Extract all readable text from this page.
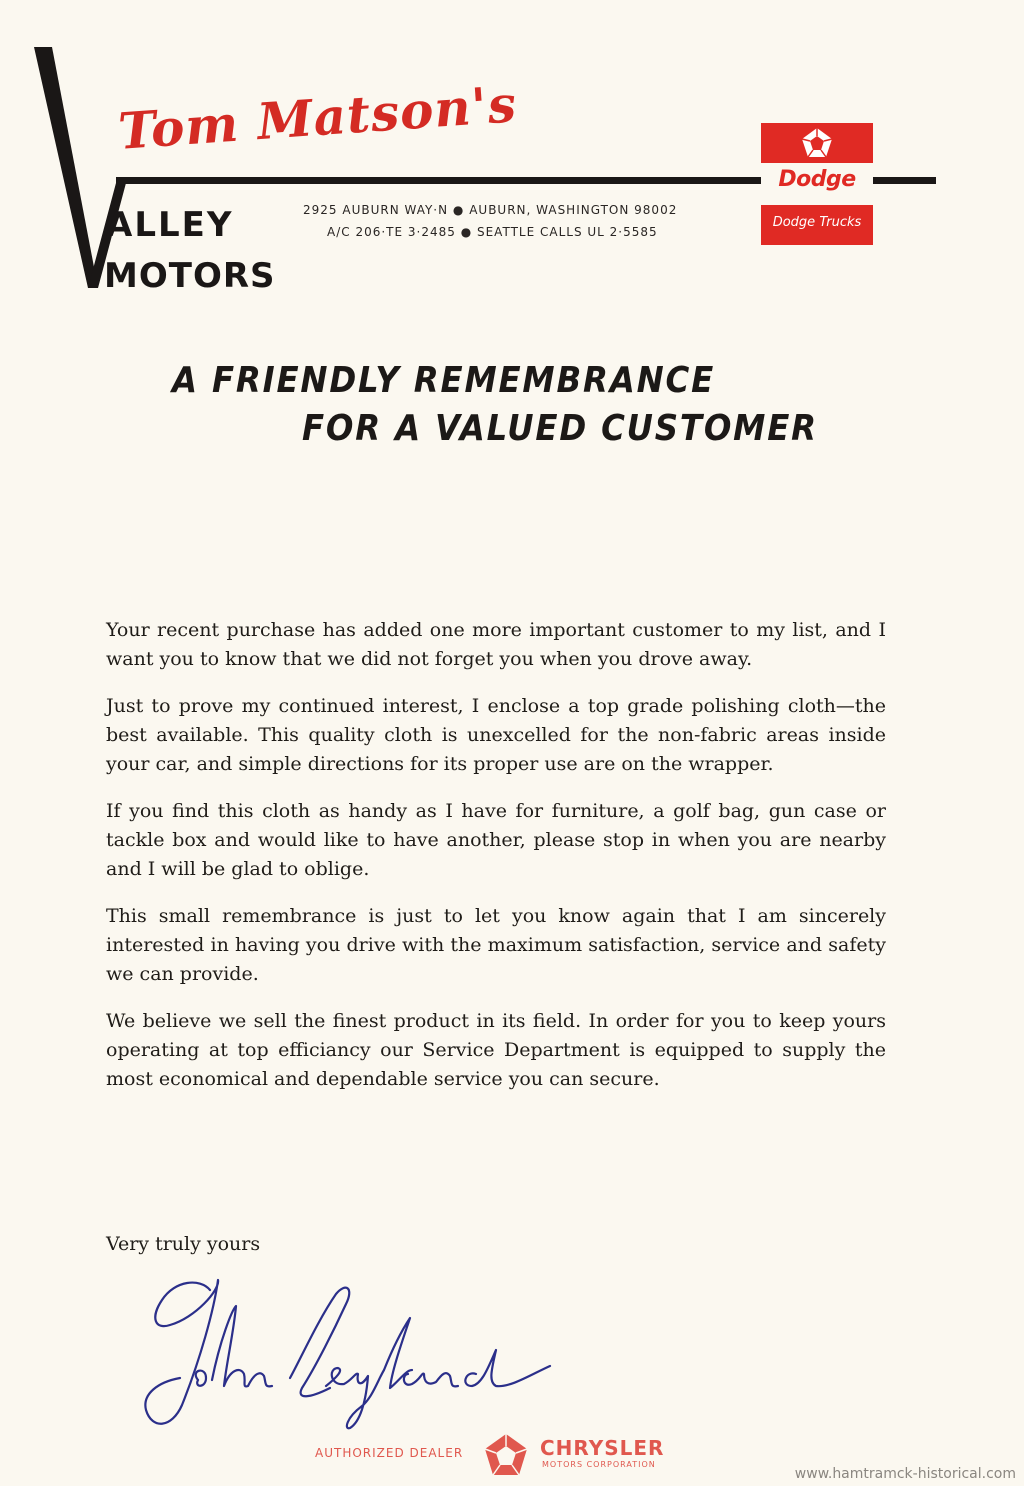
Tom Matson's
ALLEY
MOTORS
2925 AUBURN WAY·N ● AUBURN, WASHINGTON 98002
A/C 206·TE 3·2485 ● SEATTLE CALLS UL 2·5585
Dodge
Dodge Trucks
A FRIENDLY REMEMBRANCE
FOR A VALUED CUSTOMER

Your recent purchase has added one more important customer to my list, and I want you to know that we did not forget you when you drove away.

Just to prove my continued interest, I enclose a top grade polishing cloth—the best available. This quality cloth is unexcelled for the non-fabric areas inside your car, and simple directions for its proper use are on the wrapper.

If you find this cloth as handy as I have for furniture, a golf bag, gun case or tackle box and would like to have another, please stop in when you are nearby and I will be glad to oblige.

This small remembrance is just to let you know again that I am sincerely interested in having you drive with the maximum satisfaction, service and safety we can provide.

We believe we sell the finest product in its field. In order for you to keep yours operating at top efficiancy our Service Department is equipped to supply the most economical and dependable service you can secure.

Very truly yours
AUTHORIZED DEALER	CHRYSLER
MOTORS CORPORATION
www.hamtramck-historical.com
